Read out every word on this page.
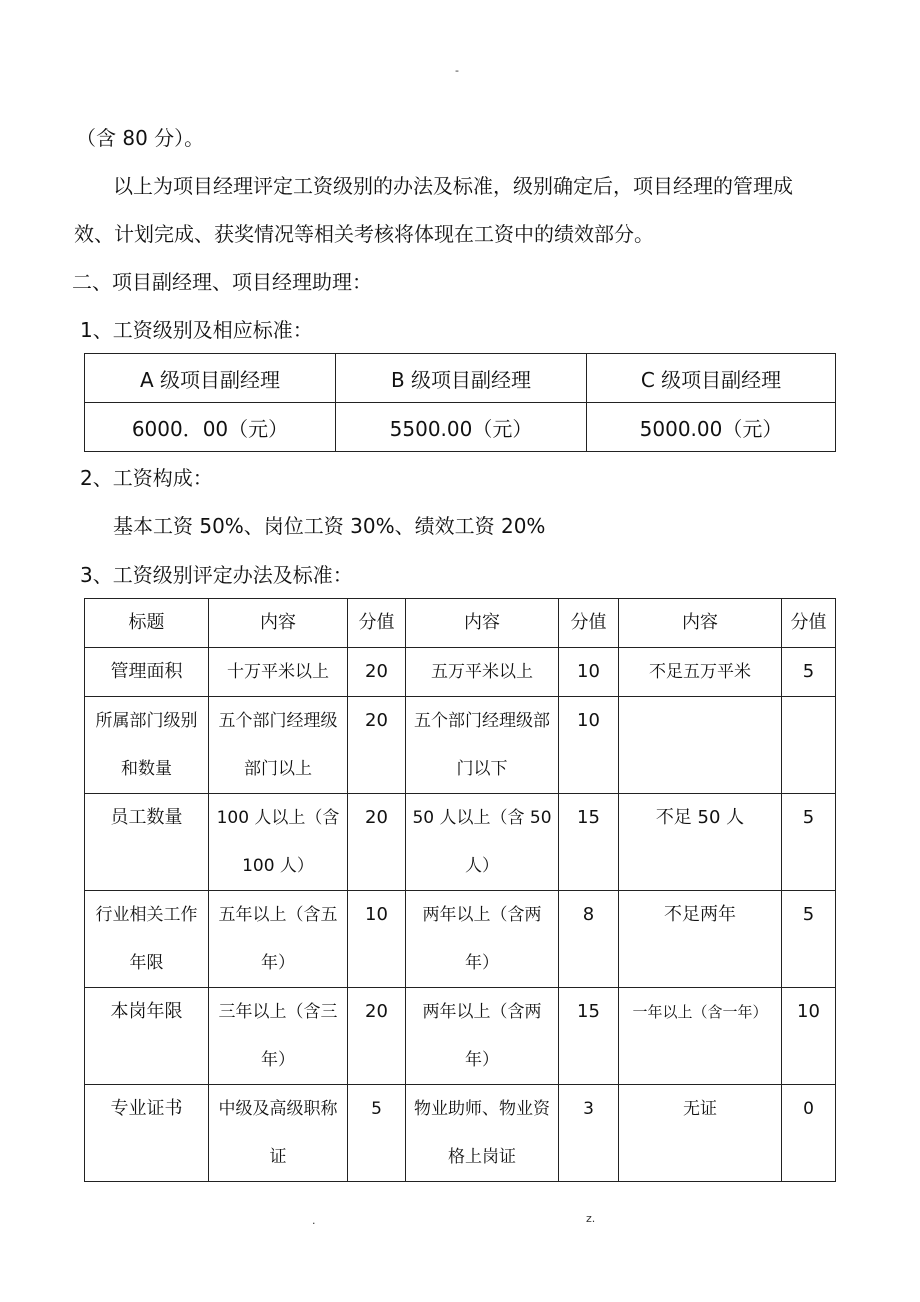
-
（含 80 分）。
以上为项目经理评定工资级别的办法及标准，级别确定后，项目经理的管理成
效、计划完成、获奖情况等相关考核将体现在工资中的绩效部分。
二、项目副经理、项目经理助理：
1、工资级别及相应标准：
A 级项目副经理	B 级项目副经理	C 级项目副经理
6000．00（元）	5500.00（元）	5000.00（元）
2、工资构成：
基本工资 50%、岗位工资 30%、绩效工资 20%
3、工资级别评定办法及标准：
标题	内容	分值	内容	分值	内容	分值
管理面积	十万平米以上	20	五万平米以上	10	不足五万平米	5
所属部门级别和数量	五个部门经理级部门以上	20	五个部门经理级部门以下	10		
员工数量	100 人以上（含 100 人）	20	50 人以上（含 50 人）	15	不足 50 人	5
行业相关工作年限	五年以上（含五年）	10	两年以上（含两年）	8	不足两年	5
本岗年限	三年以上（含三年）	20	两年以上（含两年）	15	一年以上（含一年）	10
专业证书	中级及高级职称证	5	物业助师、物业资格上岗证	3	无证	0
.	z.
